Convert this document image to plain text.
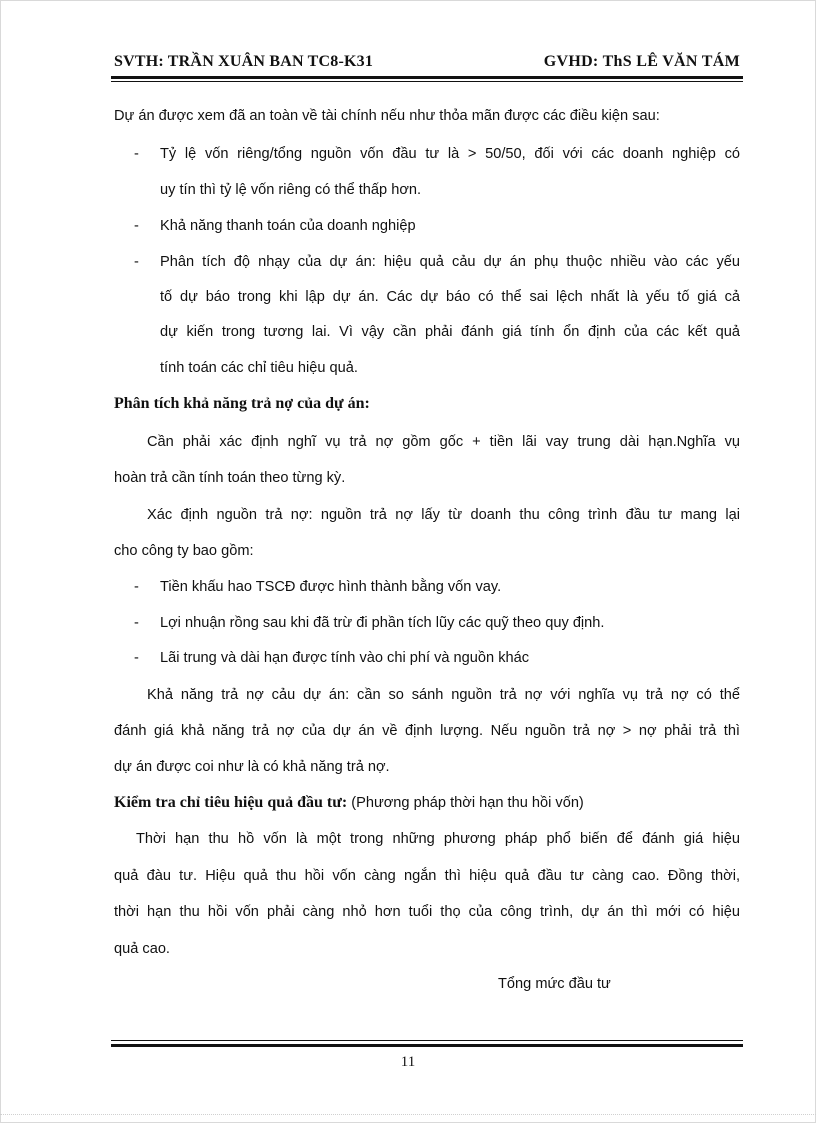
SVTH: TRẦN XUÂN BAN TC8-K31	GVHD: ThS LÊ VĂN TÁM
Dự án được xem đã an toàn về tài chính nếu như thỏa mãn được các điều kiện sau:
- Tỷ lệ vốn riêng/tổng nguồn vốn đầu tư là > 50/50, đối với các doanh nghiệp có
uy tín thì tỷ lệ vốn riêng có thể thấp hơn.
- Khả năng thanh toán của doanh nghiệp
- Phân tích độ nhạy của dự án: hiệu quả cảu dự án phụ thuộc nhiều vào các yếu
tố dự báo trong khi lập dự án. Các dự báo có thể sai lệch nhất là yếu tố giá cả
dự kiến trong tương lai. Vì vậy cần phải đánh giá tính ổn định của các kết quả
tính toán các chỉ tiêu hiệu quả.
Phân tích khả năng trả nợ của dự án:
Cần phải xác định nghĩ vụ trả nợ gồm gốc + tiền lãi vay trung dài hạn.Nghĩa vụ
hoàn trả cần tính toán theo từng kỳ.
Xác định nguồn trả nợ: nguồn trả nợ lấy từ doanh thu công trình đầu tư mang lại
cho công ty bao gồm:
- Tiền khấu hao TSCĐ được hình thành bằng vốn vay.
- Lợi nhuận rồng sau khi đã trừ đi phần tích lũy các quỹ theo quy định.
- Lãi trung và dài hạn được tính vào chi phí và nguồn khác
Khả năng trả nợ cảu dự án: cần so sánh nguồn trả nợ với nghĩa vụ trả nợ có thể
đánh giá khả năng trả nợ của dự án về định lượng. Nếu nguồn trả nợ > nợ phải trả thì
dự án được coi như là có khả năng trả nợ.
Kiểm tra chỉ tiêu hiệu quả đầu tư: (Phương pháp thời hạn thu hồi vốn)
Thời hạn thu hồ vốn là một trong những phương pháp phổ biến để đánh giá hiệu
quả đàu tư. Hiệu quả thu hồi vốn càng ngắn thì hiệu quả đầu tư càng cao. Đồng thời,
thời hạn thu hồi vốn phải càng nhỏ hơn tuổi thọ của công trình, dự án thì mới có hiệu
quả cao.
Tổng mức đầu tư
11
